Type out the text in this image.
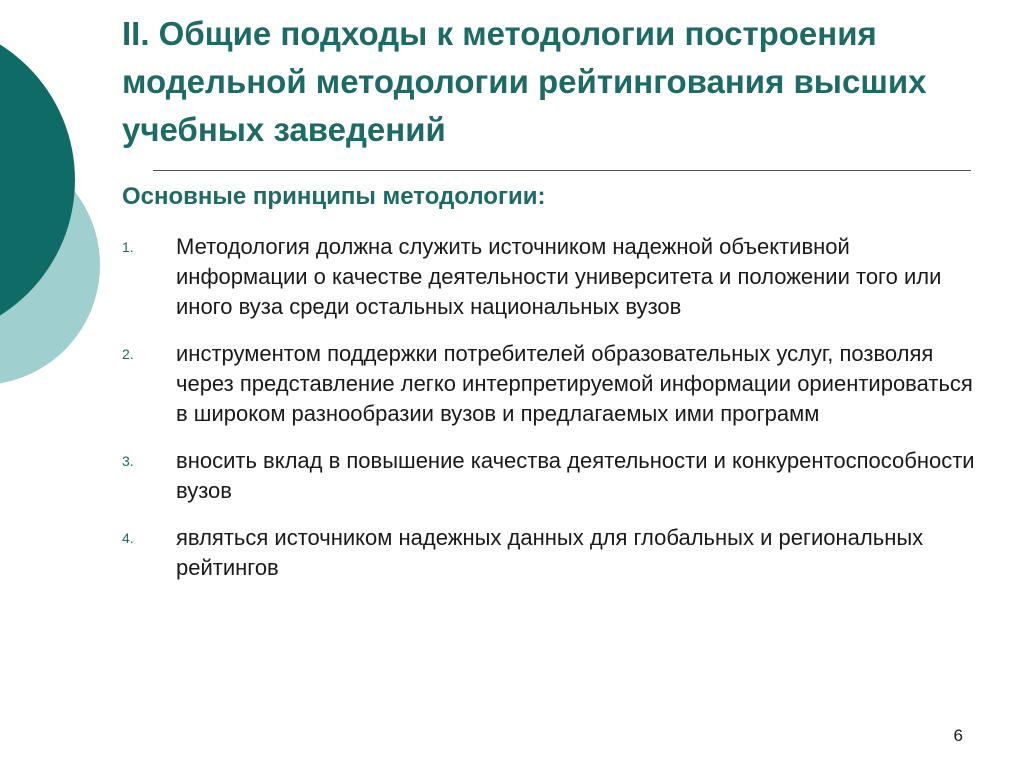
II. Общие подходы к методологии построения модельной методологии рейтингования высших учебных заведений
Основные принципы методологии:
1.	Методология должна служить источником надежной объективной информации о качестве деятельности университета и положении того или иного вуза среди остальных национальных вузов
2.	инструментом поддержки потребителей образовательных услуг, позволяя через представление легко интерпретируемой информации ориентироваться в широком разнообразии вузов и предлагаемых ими программ
3.	вносить вклад в повышение качества деятельности и конкурентоспособности вузов
4.	являться источником надежных данных для глобальных и региональных рейтингов
6
